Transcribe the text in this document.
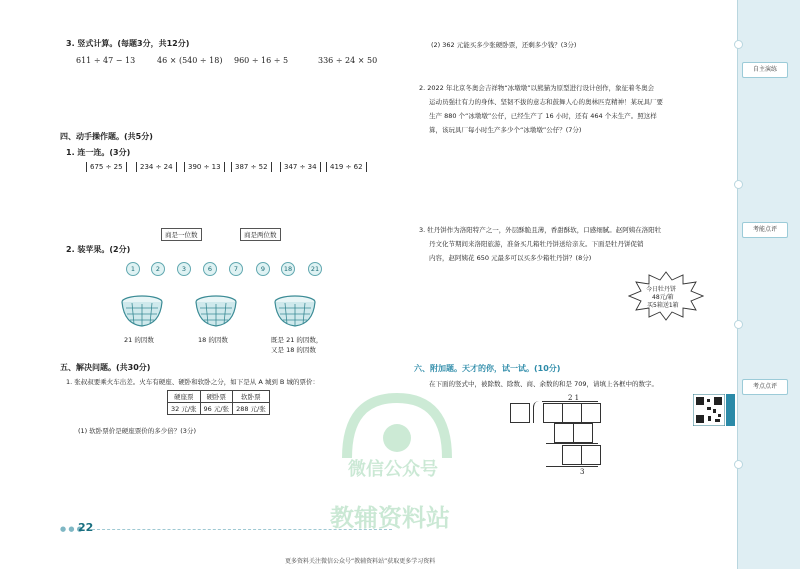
自主演练
考能点评
考点点评
3. 竖式计算。(每题3分，共12分)
611 ÷ 47 − 13	46 × (540 ÷ 18) 960 ÷ 16 ÷ 5	336 ÷ 24 × 50
四、动手操作题。(共5分)
1. 连一连。(3分)
675 ÷ 25	234 ÷ 24	390 ÷ 13	387 ÷ 52	347 ÷ 34	419 ÷ 62
商是一位数	商是两位数
2. 装苹果。(2分)
1	2	3	6	7	9	18	21
21 的因数	18 的因数	既是 21 的因数，
又是 18 的因数
五、解决问题。(共30分)
1. 张叔叔要乘火车出差。火车有硬座、硬卧和软卧之分，如下是从 A 城到 B 城的票价：
硬座票	硬卧票	软卧票
32 元/张	96 元/张	288 元/张
(1) 软卧票价是硬座票价的多少倍？(3分)
● ● ●
22
(2) 362 元能买多少张硬卧票，还剩多少钱？(3分)
2. 2022 年北京冬奥会吉祥物“冰墩墩”以熊猫为原型进行设计创作，象征着冬奥会
运动员强壮有力的身体、坚韧不拔的意志和鼓舞人心的奥林匹克精神！某玩具厂要
生产 880 个“冰墩墩”公仔，已经生产了 16 小时，还有 464 个未生产。照这样
算，该玩具厂每小时生产多少个“冰墩墩”公仔？(7分)
3. 牡丹饼作为洛阳特产之一，外层酥脆且薄，香甜酥软，口感细腻。赵阿姨在洛阳牡
丹文化节期间来洛阳旅游，准备买几箱牡丹饼送给亲友。下面是牡丹饼促销
内容，赵阿姨花 650 元最多可以买多少箱牡丹饼？(8分)
今日牡丹饼
48元/箱
买5箱送1箱
六、附加题。天才的你，试一试。(10分)
在下面的竖式中，被除数、除数、商、余数的和是 709，请填上各框中的数字。
2 1
3
微信公众号
教辅资料站
更多资料关注微信公众号“教辅资料站”获取更多学习资料
